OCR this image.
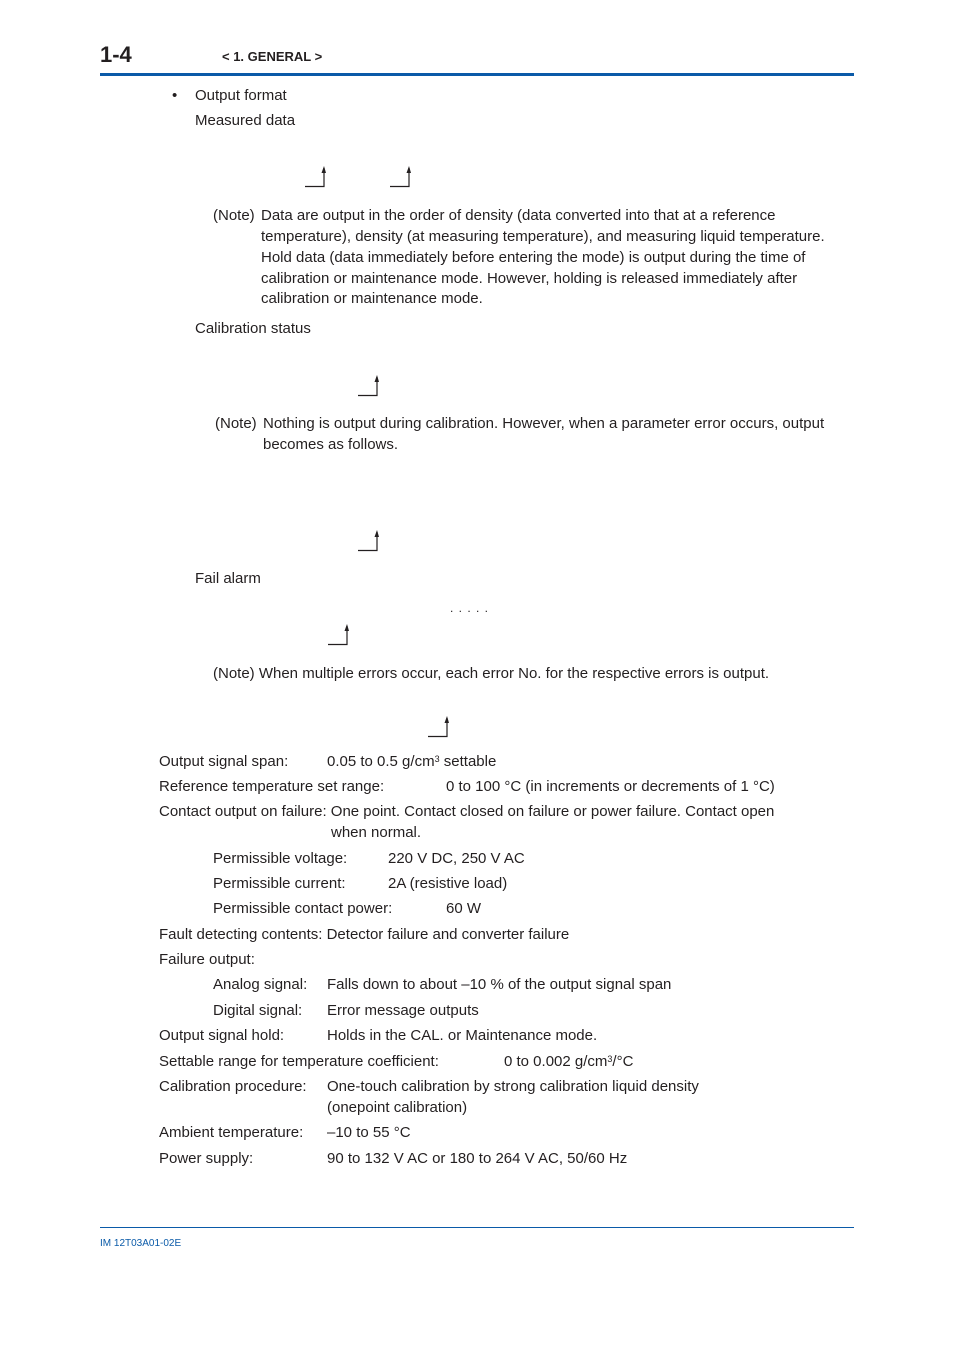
1-4	< 1. GENERAL >
• Output format
Measured data
(Note) Data are output in the order of density (data converted into that at a reference
temperature), density (at measuring temperature), and measuring liquid temperature.
Hold data (data immediately before entering the mode) is output during the time of
calibration or maintenance mode. However, holding is released immediately after
calibration or maintenance mode.
Calibration status
(Note) Nothing is output during calibration. However, when a parameter error occurs, output
becomes as follows.
Fail alarm
. . . . .
(Note) When multiple errors occur, each error No. for the respective errors is output.
Output signal span:	0.05 to 0.5 $g/cm^3$ settable
Reference temperature set range:	0 to 100 °C (in increments or decrements of 1 °C)
Contact output on failure: One point. Contact closed on failure or power failure. Contact open
when normal.
Permissible voltage:	220 V DC, 250 V AC
Permissible current:	2A (resistive load)
Permissible contact power:	60 W
Fault detecting contents: Detector failure and converter failure
Failure output:
Analog signal: Falls down to about –10 % of the output signal span
Digital signal: Error message outputs
Output signal hold:	Holds in the CAL. or Maintenance mode.
Settable range for temperature coefficient:	0 to 0.002 $g/cm^3/^\circ C$
Calibration procedure: One-touch calibration by strong calibration liquid density
(onepoint calibration)
Ambient temperature: –10 to 55 °C
Power supply:	90 to 132 V AC or 180 to 264 V AC, 50/60 Hz
IM 12T03A01-02E
